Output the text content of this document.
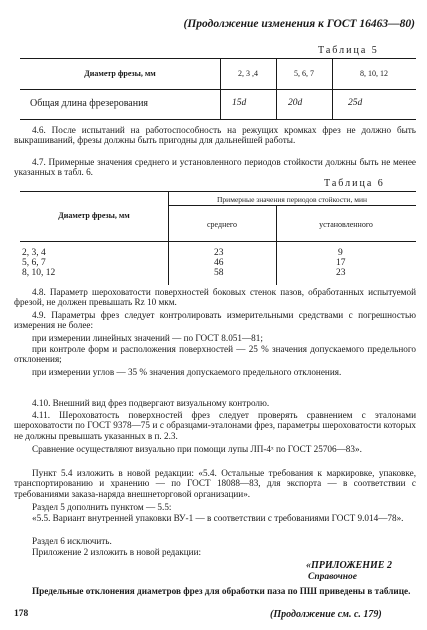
(Продолжение изменения к ГОСТ 16463—80)
Таблица 5
Диаметр фрезы, мм	2, 3 ,4	5, 6, 7	8, 10, 12
Общая длина фрезерования	15d	20d	25d
4.6. После испытаний на работоспособность на режущих кромках фрез не должно быть выкрашиваний, фрезы должны быть пригодны для дальнейшей работы.
4.7. Примерные значения среднего и установленного периодов стойкости должны быть не менее указанных в табл. 6.
Таблица 6
Диаметр фрезы, мм
Примерные значения периодов стойкости, мин
среднего	установленного
2, 3, 4	23	9
5, 6, 7	46	17
8, 10, 12	58	23
4.8. Параметр шероховатости поверхностей боковых стенок пазов, обработанных испытуемой фрезой, не должен превышать Rz 10 мкм.
4.9. Параметры фрез следует контролировать измерительными средствами с погрешностью измерения не более:
при измерении линейных значений — по ГОСТ 8.051—81;
при контроле форм и расположения поверхностей — 25 % значения допускаемого предельного отклонения;
при измерении углов — 35 % значения допускаемого предельного отклонения.
4.10. Внешний вид фрез подвергают визуальному контролю.
4.11. Шероховатость поверхностей фрез следует проверять сравнением с эталонами шероховатости по ГОСТ 9378—75 и с образцами-эталонами фрез, параметры шероховатости которых не должны превышать указанных в п. 2.3.
Сравнение осуществляют визуально при помощи лупы ЛП-4ˣ по ГОСТ 25706—83».
Пункт 5.4 изложить в новой редакции: «5.4. Остальные требования к маркировке, упаковке, транспортированию и хранению — по ГОСТ 18088—83, для экспорта — в соответствии с требованиями заказа-наряда внешнеторговой организации».
Раздел 5 дополнить пунктом — 5.5:
«5.5. Вариант внутренней упаковки ВУ-1 — в соответствии с требованиями ГОСТ 9.014—78».
Раздел 6 исключить.
Приложение 2 изложить в новой редакции:
«ПРИЛОЖЕНИЕ 2
Справочное
Предельные отклонения диаметров фрез для обработки паза по ПШ приведены в таблице.
178	(Продолжение см. с. 179)
